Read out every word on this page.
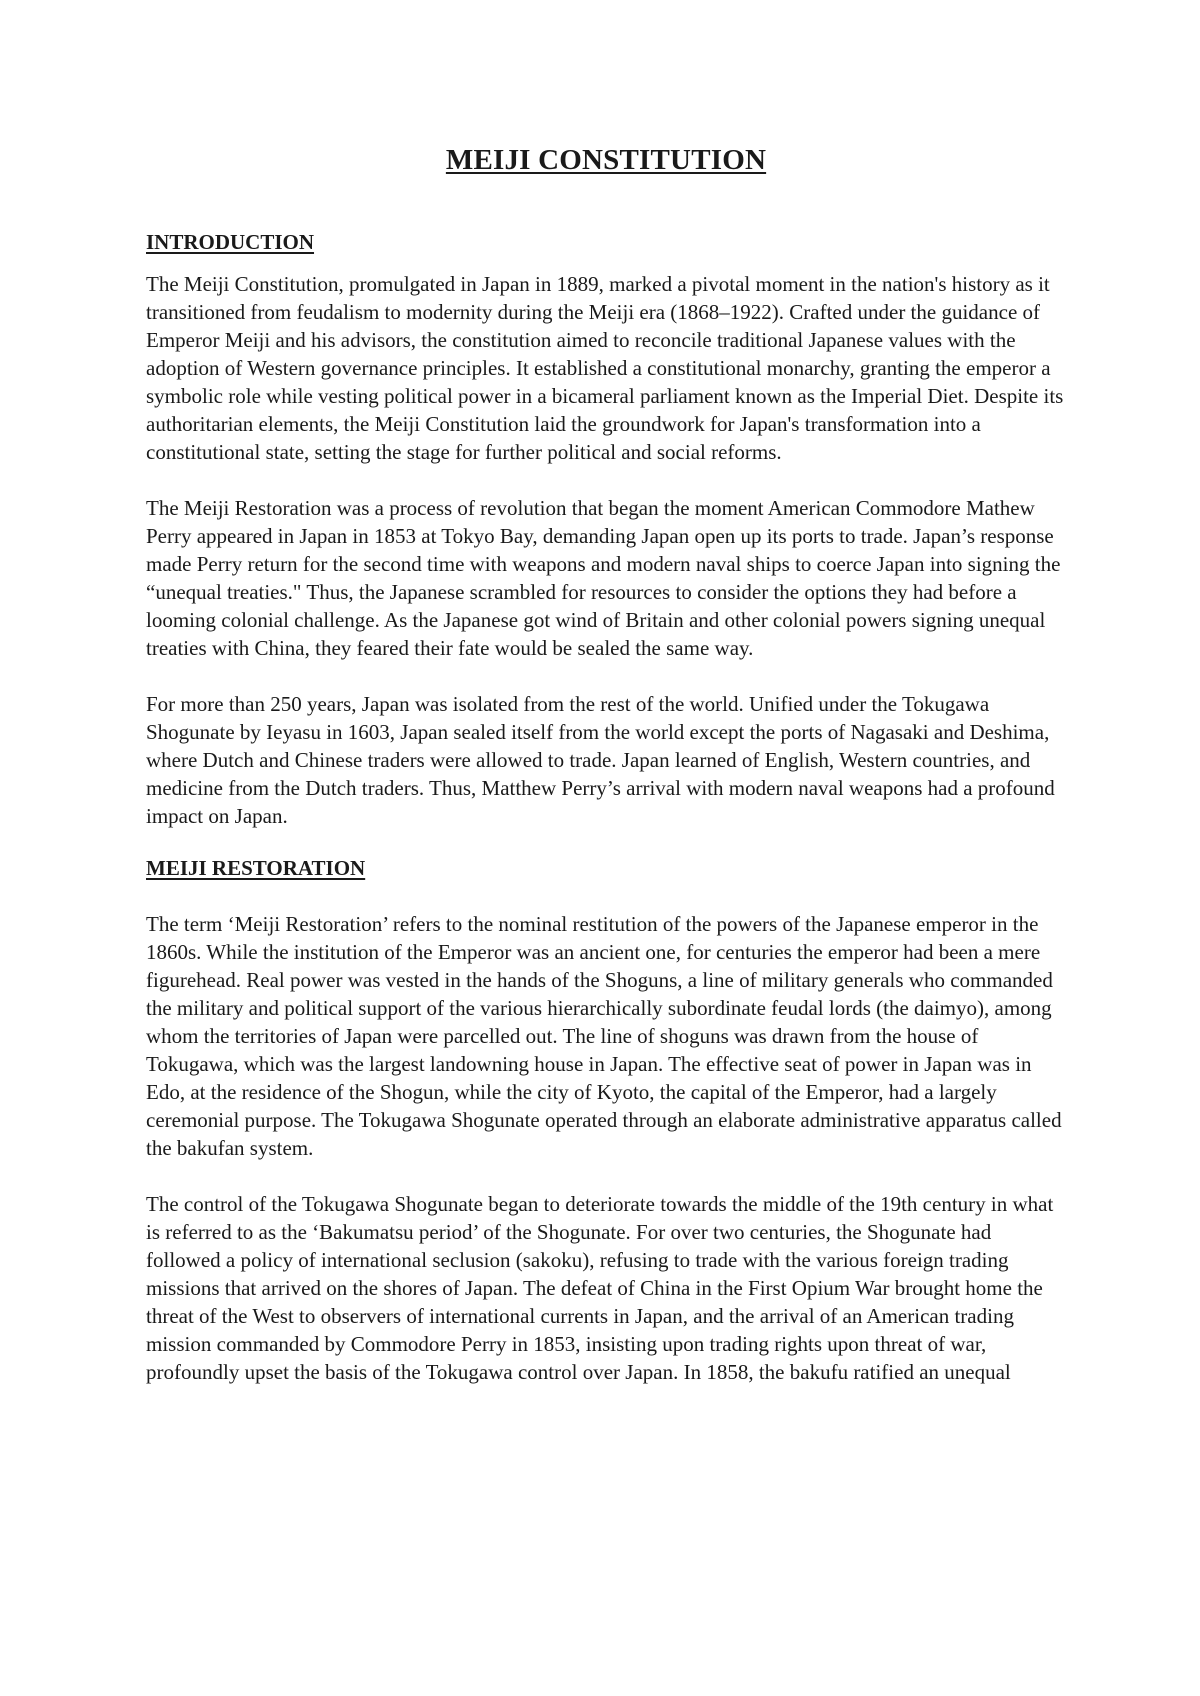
MEIJI CONSTITUTION
INTRODUCTION

The Meiji Constitution, promulgated in Japan in 1889, marked a pivotal moment in the nation's history as it transitioned from feudalism to modernity during the Meiji era (1868–1922). Crafted under the guidance of Emperor Meiji and his advisors, the constitution aimed to reconcile traditional Japanese values with the adoption of Western governance principles. It established a constitutional monarchy, granting the emperor a symbolic role while vesting political power in a bicameral parliament known as the Imperial Diet. Despite its authoritarian elements, the Meiji Constitution laid the groundwork for Japan's transformation into a constitutional state, setting the stage for further political and social reforms.

The Meiji Restoration was a process of revolution that began the moment American Commodore Mathew Perry appeared in Japan in 1853 at Tokyo Bay, demanding Japan open up its ports to trade. Japan’s response made Perry return for the second time with weapons and modern naval ships to coerce Japan into signing the “unequal treaties." Thus, the Japanese scrambled for resources to consider the options they had before a looming colonial challenge. As the Japanese got wind of Britain and other colonial powers signing unequal treaties with China, they feared their fate would be sealed the same way.

For more than 250 years, Japan was isolated from the rest of the world. Unified under the Tokugawa Shogunate by Ieyasu in 1603, Japan sealed itself from the world except the ports of Nagasaki and Deshima, where Dutch and Chinese traders were allowed to trade. Japan learned of English, Western countries, and medicine from the Dutch traders. Thus, Matthew Perry’s arrival with modern naval weapons had a profound impact on Japan.

MEIJI RESTORATION

The term ‘Meiji Restoration’ refers to the nominal restitution of the powers of the Japanese emperor in the 1860s. While the institution of the Emperor was an ancient one, for centuries the emperor had been a mere figurehead. Real power was vested in the hands of the Shoguns, a line of military generals who commanded the military and political support of the various hierarchically subordinate feudal lords (the daimyo), among whom the territories of Japan were parcelled out. The line of shoguns was drawn from the house of Tokugawa, which was the largest landowning house in Japan. The effective seat of power in Japan was in Edo, at the residence of the Shogun, while the city of Kyoto, the capital of the Emperor, had a largely ceremonial purpose. The Tokugawa Shogunate operated through an elaborate administrative apparatus called the bakufan system.

The control of the Tokugawa Shogunate began to deteriorate towards the middle of the 19th century in what is referred to as the ‘Bakumatsu period’ of the Shogunate. For over two centuries, the Shogunate had followed a policy of international seclusion (sakoku), refusing to trade with the various foreign trading missions that arrived on the shores of Japan. The defeat of China in the First Opium War brought home the threat of the West to observers of international currents in Japan, and the arrival of an American trading mission commanded by Commodore Perry in 1853, insisting upon trading rights upon threat of war, profoundly upset the basis of the Tokugawa control over Japan. In 1858, the bakufu ratified an unequal
